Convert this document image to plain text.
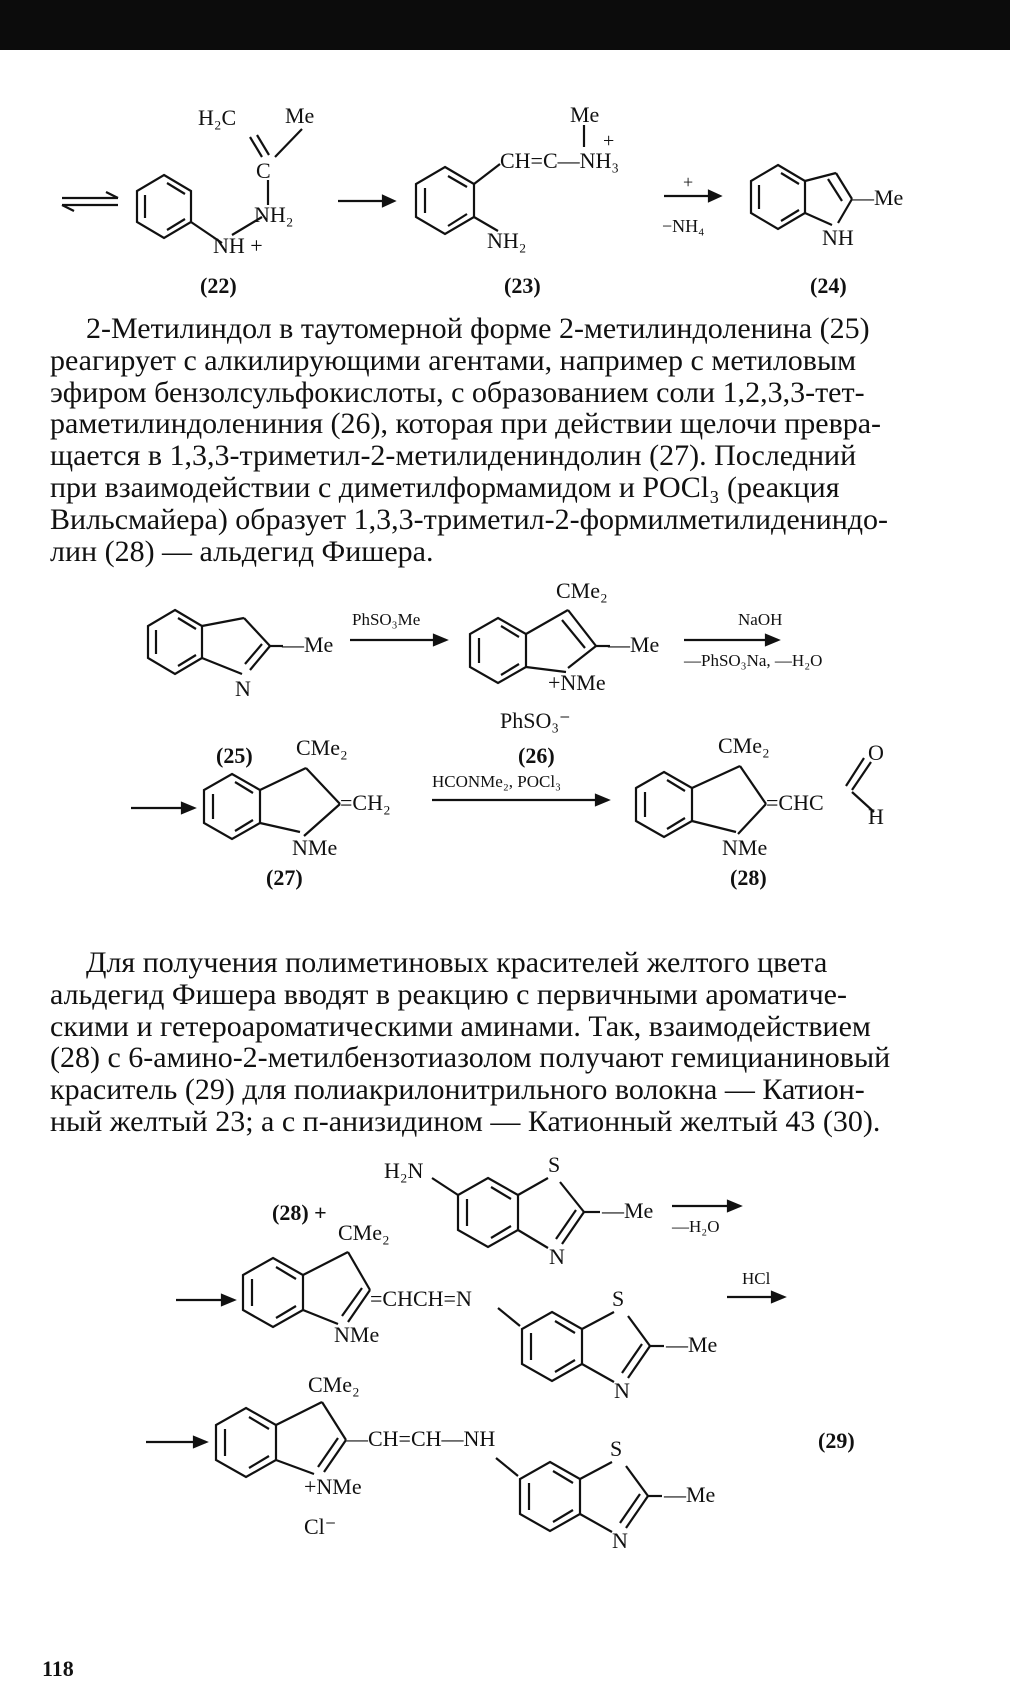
H₂C Me
C
NH₂
NH +
Me
CH=C—NH₃
+
NH₂
+
−NH₄
—Me
NH
(22)	(23)	(24)
2-Метилиндол в таутомерной форме 2-метилиндоленина (25)
реагирует с алкилирующими агентами, например с метиловым
эфиром бензолсульфокислоты, с образованием соли 1,2,3,3-тет-
раметилиндолениния (26), которая при действии щелочи превра-
щается в 1,3,3-триметил-2-метилидениндолин (27). Последний
при взаимодействии с диметилформамидом и POCl₃ (реакция
Вильсмайера) образует 1,3,3-триметил-2-формилметилидениндо-
лин (28) — альдегид Фишера.
—Me
N
PhSO₃Me
CMe₂
—Me
+NMe
PhSO₃⁻
NaOH
—PhSO₃Na, —H₂O
(25)	(26)
CMe₂
=CH₂
NMe
HCONMe₂, POCl₃
CMe₂
=CHC
O
H
NMe
(27)	(28)
Для получения полиметиновых красителей желтого цвета
альдегид Фишера вводят в реакцию с первичными ароматиче-
скими и гетероароматическими аминами. Так, взаимодействием
(28) с 6-амино-2-метилбензотиазолом получают гемицианиновый
краситель (29) для полиакрилонитрильного волокна — Катион-
ный желтый 23; а с п-анизидином — Катионный желтый 43 (30).
(28) +
H₂N	S
—Me
N
—H₂O
CMe₂
=CHCH=N
NMe
S
—Me
N
HCl
CMe₂
—CH=CH—NH
+NMe
Cl⁻
S
—Me
N
(29)
118
